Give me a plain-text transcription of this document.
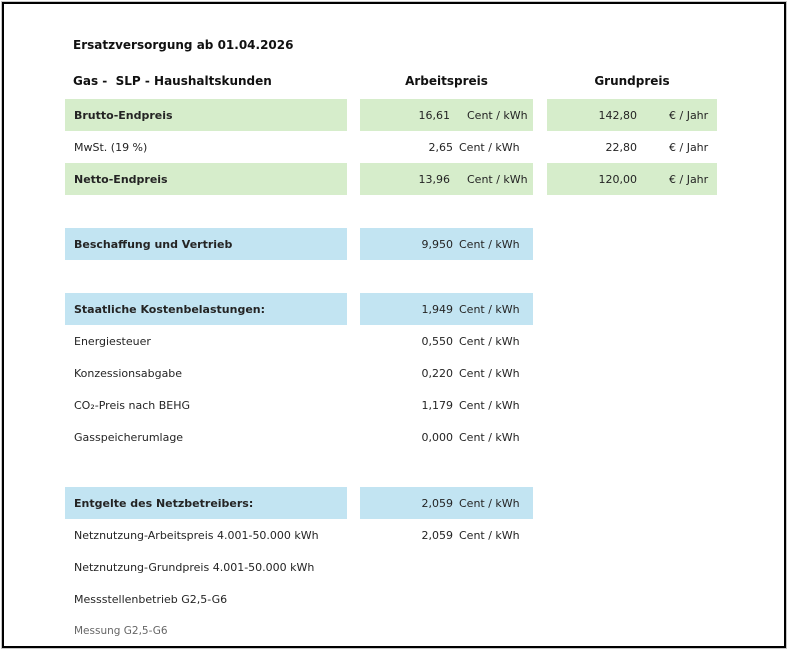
Ersatzversorgung ab 01.04.2026
Gas -  SLP - Haushaltskunden	Arbeitspreis	Grundpreis
Brutto-Endpreis	16,61 Cent / kWh	142,80	€ / Jahr
MwSt. (19 %)	2,65 Cent / kWh	22,80	€ / Jahr
Netto-Endpreis	13,96 Cent / kWh	120,00	€ / Jahr
Beschaffung und Vertrieb	9,950 Cent / kWh
Staatliche Kostenbelastungen:	1,949 Cent / kWh
Energiesteuer	0,550 Cent / kWh
Konzessionsabgabe	0,220 Cent / kWh
CO₂-Preis nach BEHG	1,179 Cent / kWh
Gasspeicherumlage	0,000 Cent / kWh
Entgelte des Netzbetreibers:	2,059 Cent / kWh
Netznutzung-Arbeitspreis 4.001-50.000 kWh	2,059 Cent / kWh
Netznutzung-Grundpreis 4.001-50.000 kWh
Messstellenbetrieb G2,5-G6
Messung G2,5-G6
